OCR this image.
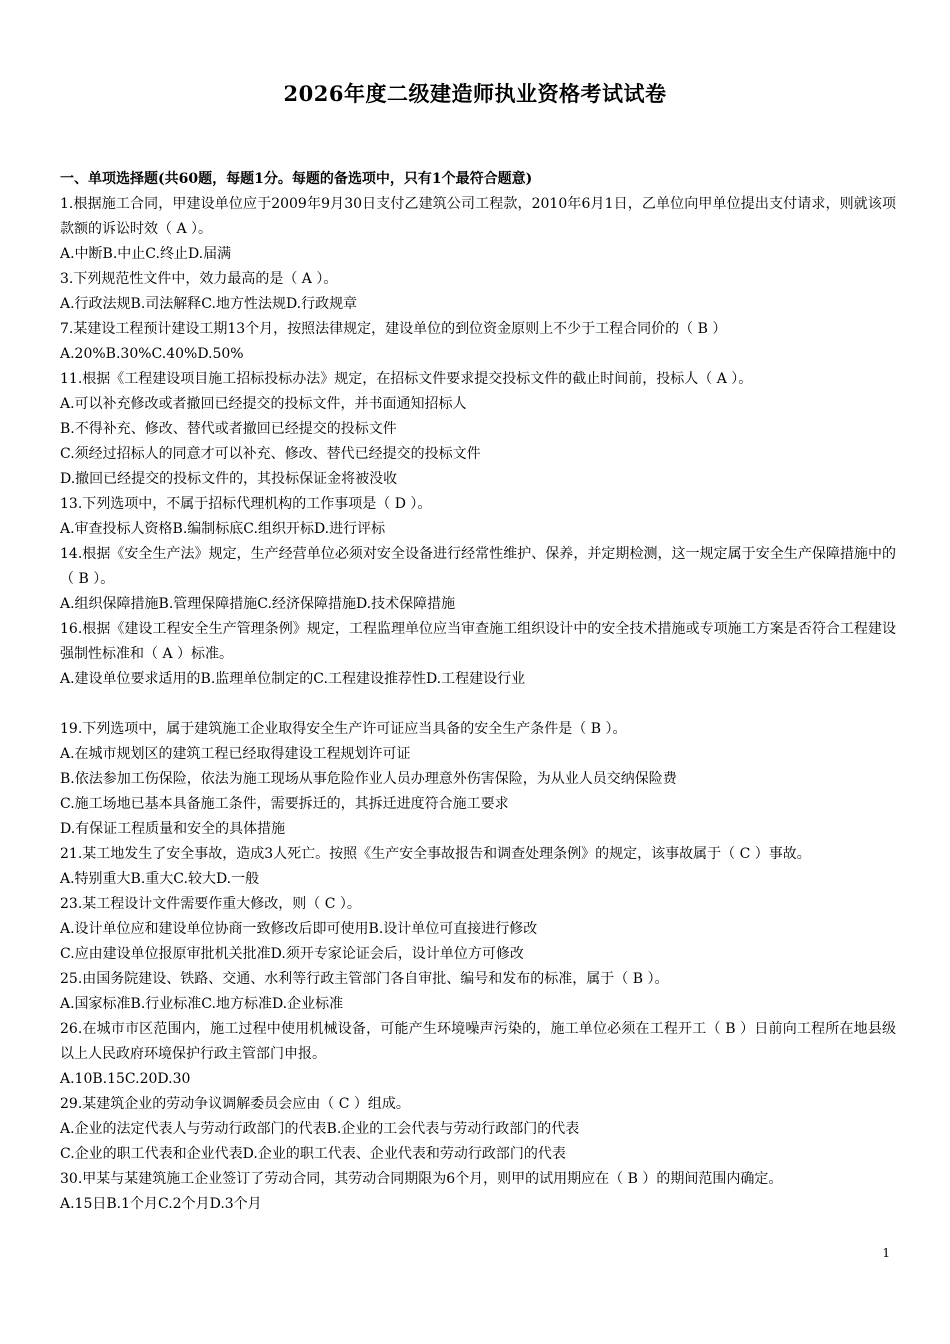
2026年度二级建造师执业资格考试试卷

一、单项选择题(共60题，每题1分。每题的备选项中，只有1个最符合题意)

1.根据施工合同，甲建设单位应于2009年9月30日支付乙建筑公司工程款，2010年6月1日，乙单位向甲单位提出支付请求，则就该项款额的诉讼时效（ A ）。

A.中断B.中止C.终止D.届满

3.下列规范性文件中，效力最高的是（ A ）。

A.行政法规B.司法解释C.地方性法规D.行政规章

7.某建设工程预计建设工期13个月，按照法律规定，建设单位的到位资金原则上不少于工程合同价的（ B ）

A.20%B.30%C.40%D.50%

11.根据《工程建设项目施工招标投标办法》规定，在招标文件要求提交投标文件的截止时间前，投标人（ A ）。

A.可以补充修改或者撤回已经提交的投标文件，并书面通知招标人

B.不得补充、修改、替代或者撤回已经提交的投标文件

C.须经过招标人的同意才可以补充、修改、替代已经提交的投标文件

D.撤回已经提交的投标文件的，其投标保证金将被没收

13.下列选项中，不属于招标代理机构的工作事项是（ D ）。

A.审查投标人资格B.编制标底C.组织开标D.进行评标

14.根据《安全生产法》规定，生产经营单位必须对安全设备进行经常性维护、保养，并定期检测，这一规定属于安全生产保障措施中的（ B ）。

A.组织保障措施B.管理保障措施C.经济保障措施D.技术保障措施

16.根据《建设工程安全生产管理条例》规定，工程监理单位应当审查施工组织设计中的安全技术措施或专项施工方案是否符合工程建设强制性标准和（ A ）标准。

A.建设单位要求适用的B.监理单位制定的C.工程建设推荐性D.工程建设行业

19.下列选项中，属于建筑施工企业取得安全生产许可证应当具备的安全生产条件是（ B ）。

A.在城市规划区的建筑工程已经取得建设工程规划许可证

B.依法参加工伤保险，依法为施工现场从事危险作业人员办理意外伤害保险，为从业人员交纳保险费

C.施工场地已基本具备施工条件，需要拆迁的，其拆迁进度符合施工要求

D.有保证工程质量和安全的具体措施

21.某工地发生了安全事故，造成3人死亡。按照《生产安全事故报告和调查处理条例》的规定，该事故属于（ C ）事故。

A.特别重大B.重大C.较大D.一般

23.某工程设计文件需要作重大修改，则（ C ）。

A.设计单位应和建设单位协商一致修改后即可使用B.设计单位可直接进行修改

C.应由建设单位报原审批机关批准D.须开专家论证会后，设计单位方可修改

25.由国务院建设、铁路、交通、水利等行政主管部门各自审批、编号和发布的标准，属于（ B ）。

A.国家标准B.行业标准C.地方标准D.企业标准

26.在城市市区范围内，施工过程中使用机械设备，可能产生环境噪声污染的，施工单位必须在工程开工（ B ）日前向工程所在地县级以上人民政府环境保护行政主管部门申报。

A.10B.15C.20D.30

29.某建筑企业的劳动争议调解委员会应由（ C ）组成。

A.企业的法定代表人与劳动行政部门的代表B.企业的工会代表与劳动行政部门的代表

C.企业的职工代表和企业代表D.企业的职工代表、企业代表和劳动行政部门的代表

30.甲某与某建筑施工企业签订了劳动合同，其劳动合同期限为6个月，则甲的试用期应在（ B ）的期间范围内确定。

A.15日B.1个月C.2个月D.3个月

1
